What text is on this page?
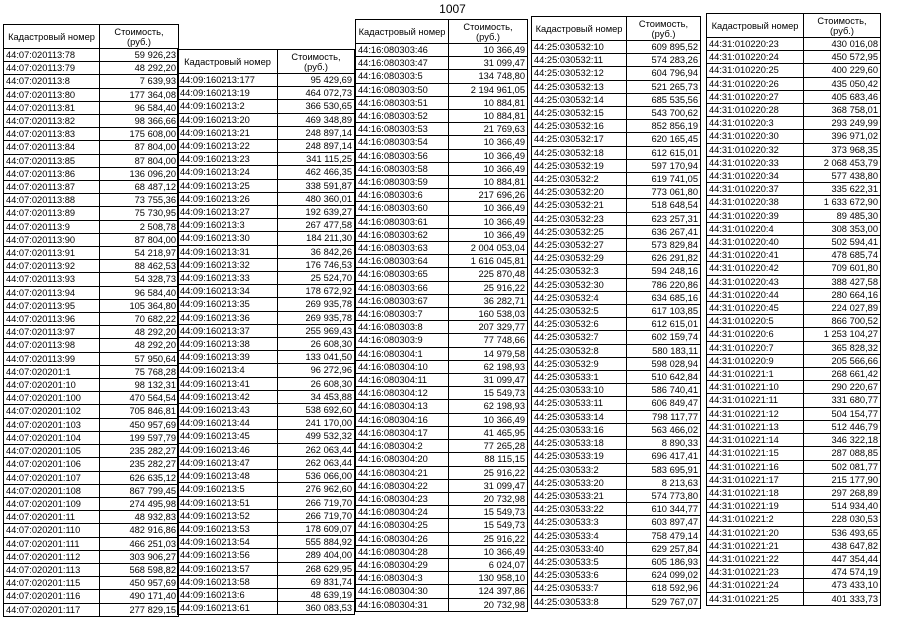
1007
Кадастровый номер	Стоимость, (руб.)
44:07:020113:78	59 926,23
44:07:020113:79	48 292,20
44:07:020113:8	7 639,93
44:07:020113:80	177 364,08
44:07:020113:81	96 584,40
44:07:020113:82	98 366,66
44:07:020113:83	175 608,00
44:07:020113:84	87 804,00
44:07:020113:85	87 804,00
44:07:020113:86	136 096,20
44:07:020113:87	68 487,12
44:07:020113:88	73 755,36
44:07:020113:89	75 730,95
44:07:020113:9	2 508,78
44:07:020113:90	87 804,00
44:07:020113:91	54 218,97
44:07:020113:92	88 462,53
44:07:020113:93	54 328,73
44:07:020113:94	96 584,40
44:07:020113:95	105 364,80
44:07:020113:96	70 682,22
44:07:020113:97	48 292,20
44:07:020113:98	48 292,20
44:07:020113:99	57 950,64
44:07:020201:1	75 768,28
44:07:020201:10	98 132,31
44:07:020201:100	470 564,54
44:07:020201:102	705 846,81
44:07:020201:103	450 957,69
44:07:020201:104	199 597,79
44:07:020201:105	235 282,27
44:07:020201:106	235 282,27
44:07:020201:107	626 635,12
44:07:020201:108	867 799,45
44:07:020201:109	274 495,98
44:07:020201:11	48 932,83
44:07:020201:110	482 916,86
44:07:020201:111	466 251,03
44:07:020201:112	303 906,27
44:07:020201:113	568 598,82
44:07:020201:115	450 957,69
44:07:020201:116	490 171,40
44:07:020201:117	277 829,15
Кадастровый номер	Стоимость, (руб.)
44:09:160213:177	95 429,69
44:09:160213:19	464 072,73
44:09:160213:2	366 530,65
44:09:160213:20	469 348,89
44:09:160213:21	248 897,14
44:09:160213:22	248 897,14
44:09:160213:23	341 115,25
44:09:160213:24	462 466,35
44:09:160213:25	338 591,87
44:09:160213:26	480 360,01
44:09:160213:27	192 639,27
44:09:160213:3	267 477,58
44:09:160213:30	184 211,30
44:09:160213:31	36 842,26
44:09:160213:32	176 746,53
44:09:160213:33	25 524,70
44:09:160213:34	178 672,92
44:09:160213:35	269 935,78
44:09:160213:36	269 935,78
44:09:160213:37	255 969,43
44:09:160213:38	26 608,30
44:09:160213:39	133 041,50
44:09:160213:4	96 272,96
44:09:160213:41	26 608,30
44:09:160213:42	34 453,88
44:09:160213:43	538 692,60
44:09:160213:44	241 170,00
44:09:160213:45	499 532,32
44:09:160213:46	262 063,44
44:09:160213:47	262 063,44
44:09:160213:48	536 066,00
44:09:160213:5	276 962,60
44:09:160213:51	266 719,70
44:09:160213:52	266 719,70
44:09:160213:53	178 609,07
44:09:160213:54	555 884,92
44:09:160213:56	289 404,00
44:09:160213:57	268 629,95
44:09:160213:58	69 831,74
44:09:160213:6	48 639,19
44:09:160213:61	360 083,53
Кадастровый номер	Стоимость, (руб.)
44:16:080303:46	10 366,49
44:16:080303:47	31 099,47
44:16:080303:5	134 748,80
44:16:080303:50	2 194 961,05
44:16:080303:51	10 884,81
44:16:080303:52	10 884,81
44:16:080303:53	21 769,63
44:16:080303:54	10 366,49
44:16:080303:56	10 366,49
44:16:080303:58	10 366,49
44:16:080303:59	10 884,81
44:16:080303:6	217 696,26
44:16:080303:60	10 366,49
44:16:080303:61	10 366,49
44:16:080303:62	10 366,49
44:16:080303:63	2 004 053,04
44:16:080303:64	1 616 045,81
44:16:080303:65	225 870,48
44:16:080303:66	25 916,22
44:16:080303:67	36 282,71
44:16:080303:7	160 538,03
44:16:080303:8	207 329,77
44:16:080303:9	77 748,66
44:16:080304:1	14 979,58
44:16:080304:10	62 198,93
44:16:080304:11	31 099,47
44:16:080304:12	15 549,73
44:16:080304:13	62 198,93
44:16:080304:16	10 366,49
44:16:080304:17	41 465,95
44:16:080304:2	77 265,28
44:16:080304:20	88 115,15
44:16:080304:21	25 916,22
44:16:080304:22	31 099,47
44:16:080304:23	20 732,98
44:16:080304:24	15 549,73
44:16:080304:25	15 549,73
44:16:080304:26	25 916,22
44:16:080304:28	10 366,49
44:16:080304:29	6 024,07
44:16:080304:3	130 958,10
44:16:080304:30	124 397,86
44:16:080304:31	20 732,98
Кадастровый номер	Стоимость, (руб.)
44:25:030532:10	609 895,52
44:25:030532:11	574 283,26
44:25:030532:12	604 796,94
44:25:030532:13	521 265,73
44:25:030532:14	685 535,56
44:25:030532:15	543 700,62
44:25:030532:16	852 856,19
44:25:030532:17	620 165,45
44:25:030532:18	612 615,01
44:25:030532:19	597 170,94
44:25:030532:2	619 741,05
44:25:030532:20	773 061,80
44:25:030532:21	518 648,54
44:25:030532:23	623 257,31
44:25:030532:25	636 267,41
44:25:030532:27	573 829,84
44:25:030532:29	626 291,82
44:25:030532:3	594 248,16
44:25:030532:30	786 220,86
44:25:030532:4	634 685,16
44:25:030532:5	617 103,85
44:25:030532:6	612 615,01
44:25:030532:7	602 159,74
44:25:030532:8	580 183,11
44:25:030532:9	598 028,94
44:25:030533:1	510 642,84
44:25:030533:10	586 740,41
44:25:030533:11	606 849,47
44:25:030533:14	798 117,77
44:25:030533:16	563 466,02
44:25:030533:18	8 890,33
44:25:030533:19	696 417,41
44:25:030533:2	583 695,91
44:25:030533:20	8 213,63
44:25:030533:21	574 773,80
44:25:030533:22	610 344,77
44:25:030533:3	603 897,47
44:25:030533:4	758 479,14
44:25:030533:40	629 257,84
44:25:030533:5	605 186,93
44:25:030533:6	624 099,02
44:25:030533:7	618 592,96
44:25:030533:8	529 767,07
Кадастровый номер	Стоимость, (руб.)
44:31:010220:23	430 016,08
44:31:010220:24	450 572,95
44:31:010220:25	400 229,60
44:31:010220:26	435 050,42
44:31:010220:27	405 683,46
44:31:010220:28	368 758,01
44:31:010220:3	293 249,99
44:31:010220:30	396 971,02
44:31:010220:32	373 968,35
44:31:010220:33	2 068 453,79
44:31:010220:34	577 438,80
44:31:010220:37	335 622,31
44:31:010220:38	1 633 672,90
44:31:010220:39	89 485,30
44:31:010220:4	308 353,00
44:31:010220:40	502 594,41
44:31:010220:41	478 685,74
44:31:010220:42	709 601,80
44:31:010220:43	388 427,58
44:31:010220:44	280 664,16
44:31:010220:45	224 027,89
44:31:010220:5	866 700,52
44:31:010220:6	1 253 104,27
44:31:010220:7	365 828,32
44:31:010220:9	205 566,66
44:31:010221:1	268 661,42
44:31:010221:10	290 220,67
44:31:010221:11	331 680,77
44:31:010221:12	504 154,77
44:31:010221:13	512 446,79
44:31:010221:14	346 322,18
44:31:010221:15	287 088,85
44:31:010221:16	502 081,77
44:31:010221:17	215 177,90
44:31:010221:18	297 268,89
44:31:010221:19	514 934,40
44:31:010221:2	228 030,53
44:31:010221:20	536 493,65
44:31:010221:21	438 647,82
44:31:010221:22	447 354,44
44:31:010221:23	474 574,19
44:31:010221:24	473 433,10
44:31:010221:25	401 333,73
